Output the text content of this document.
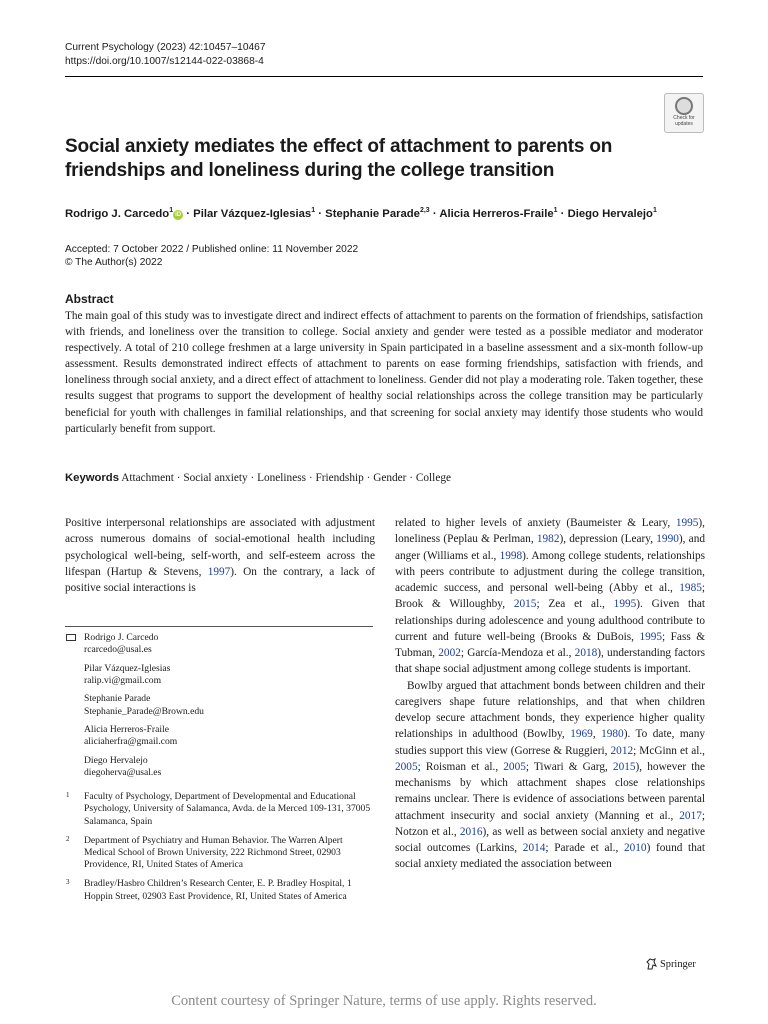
Current Psychology (2023) 42:10457–10467
https://doi.org/10.1007/s12144-022-03868-4
Check for
updates
Social anxiety mediates the effect of attachment to parents on friendships and loneliness during the college transition
Rodrigo J. Carcedo$^1$iD · Pilar Vázquez-Iglesias$^1$ · Stephanie Parade$^{2,3}$ · Alicia Herreros-Fraile$^1$ · Diego Hervalejo$^1$
Accepted: 7 October 2022 / Published online: 11 November 2022
© The Author(s) 2022
Abstract
The main goal of this study was to investigate direct and indirect effects of attachment to parents on the formation of friendships, satisfaction with friends, and loneliness over the transition to college. Social anxiety and gender were tested as a possible mediator and moderator respectively. A total of 210 college freshmen at a large university in Spain participated in a baseline assessment and a six-month follow-up assessment. Results demonstrated indirect effects of attachment to parents on ease forming friendships, satisfaction with friends, and loneliness through social anxiety, and a direct effect of attachment to loneliness. Gender did not play a moderating role. Taken together, these results suggest that programs to support the development of healthy social relationships across the college transition may be particularly beneficial for youth with challenges in familial relationships, and that screening for social anxiety may identify those students who would particularly benefit from support.
Keywords Attachment · Social anxiety · Loneliness · Friendship · Gender · College

Positive interpersonal relationships are associated with adjustment across numerous domains of social-emotional health including psychological well-being, self-worth, and self-esteem across the lifespan (Hartup & Stevens, 1997). On the contrary, a lack of positive social interactions is

Rodrigo J. Carcedo
rcarcedo@usal.es
Pilar Vázquez-Iglesias
ralip.vi@gmail.com
Stephanie Parade
Stephanie_Parade@Brown.edu
Alicia Herreros-Fraile
aliciaherfra@gmail.com
Diego Hervalejo
diegoherva@usal.es
1 Faculty of Psychology, Department of Developmental and Educational Psychology, University of Salamanca, Avda. de la Merced 109-131, 37005 Salamanca, Spain
2 Department of Psychiatry and Human Behavior. The Warren Alpert Medical School of Brown University, 222 Richmond Street, 02903 Providence, RI, United States of America
3 Bradley/Hasbro Children’s Research Center, E. P. Bradley Hospital, 1 Hoppin Street, 02903 East Providence, RI, United States of America

related to higher levels of anxiety (Baumeister & Leary, 1995), loneliness (Peplau & Perlman, 1982), depression (Leary, 1990), and anger (Williams et al., 1998). Among college students, relationships with peers contribute to adjustment during the college transition, academic success, and personal well-being (Abby et al., 1985; Brook & Willoughby, 2015; Zea et al., 1995). Given that relationships during adolescence and young adulthood contribute to current and future well-being (Brooks & DuBois, 1995; Fass & Tubman, 2002; García-Mendoza et al., 2018), understanding factors that shape social adjustment among college students is important.

Bowlby argued that attachment bonds between children and their caregivers shape future relationships, and that when children develop secure attachment bonds, they experience higher quality relationships in adulthood (Bowlby, 1969, 1980). To date, many studies support this view (Gorrese & Ruggieri, 2012; McGinn et al., 2005; Roisman et al., 2005; Tiwari & Garg, 2015), however the mechanisms by which attachment shapes close relationships remains unclear. There is evidence of associations between parental attachment insecurity and social anxiety (Manning et al., 2017; Notzon et al., 2016), as well as between social anxiety and negative social outcomes (Larkins, 2014; Parade et al., 2010) found that social anxiety mediated the association between

Springer
Content courtesy of Springer Nature, terms of use apply. Rights reserved.
